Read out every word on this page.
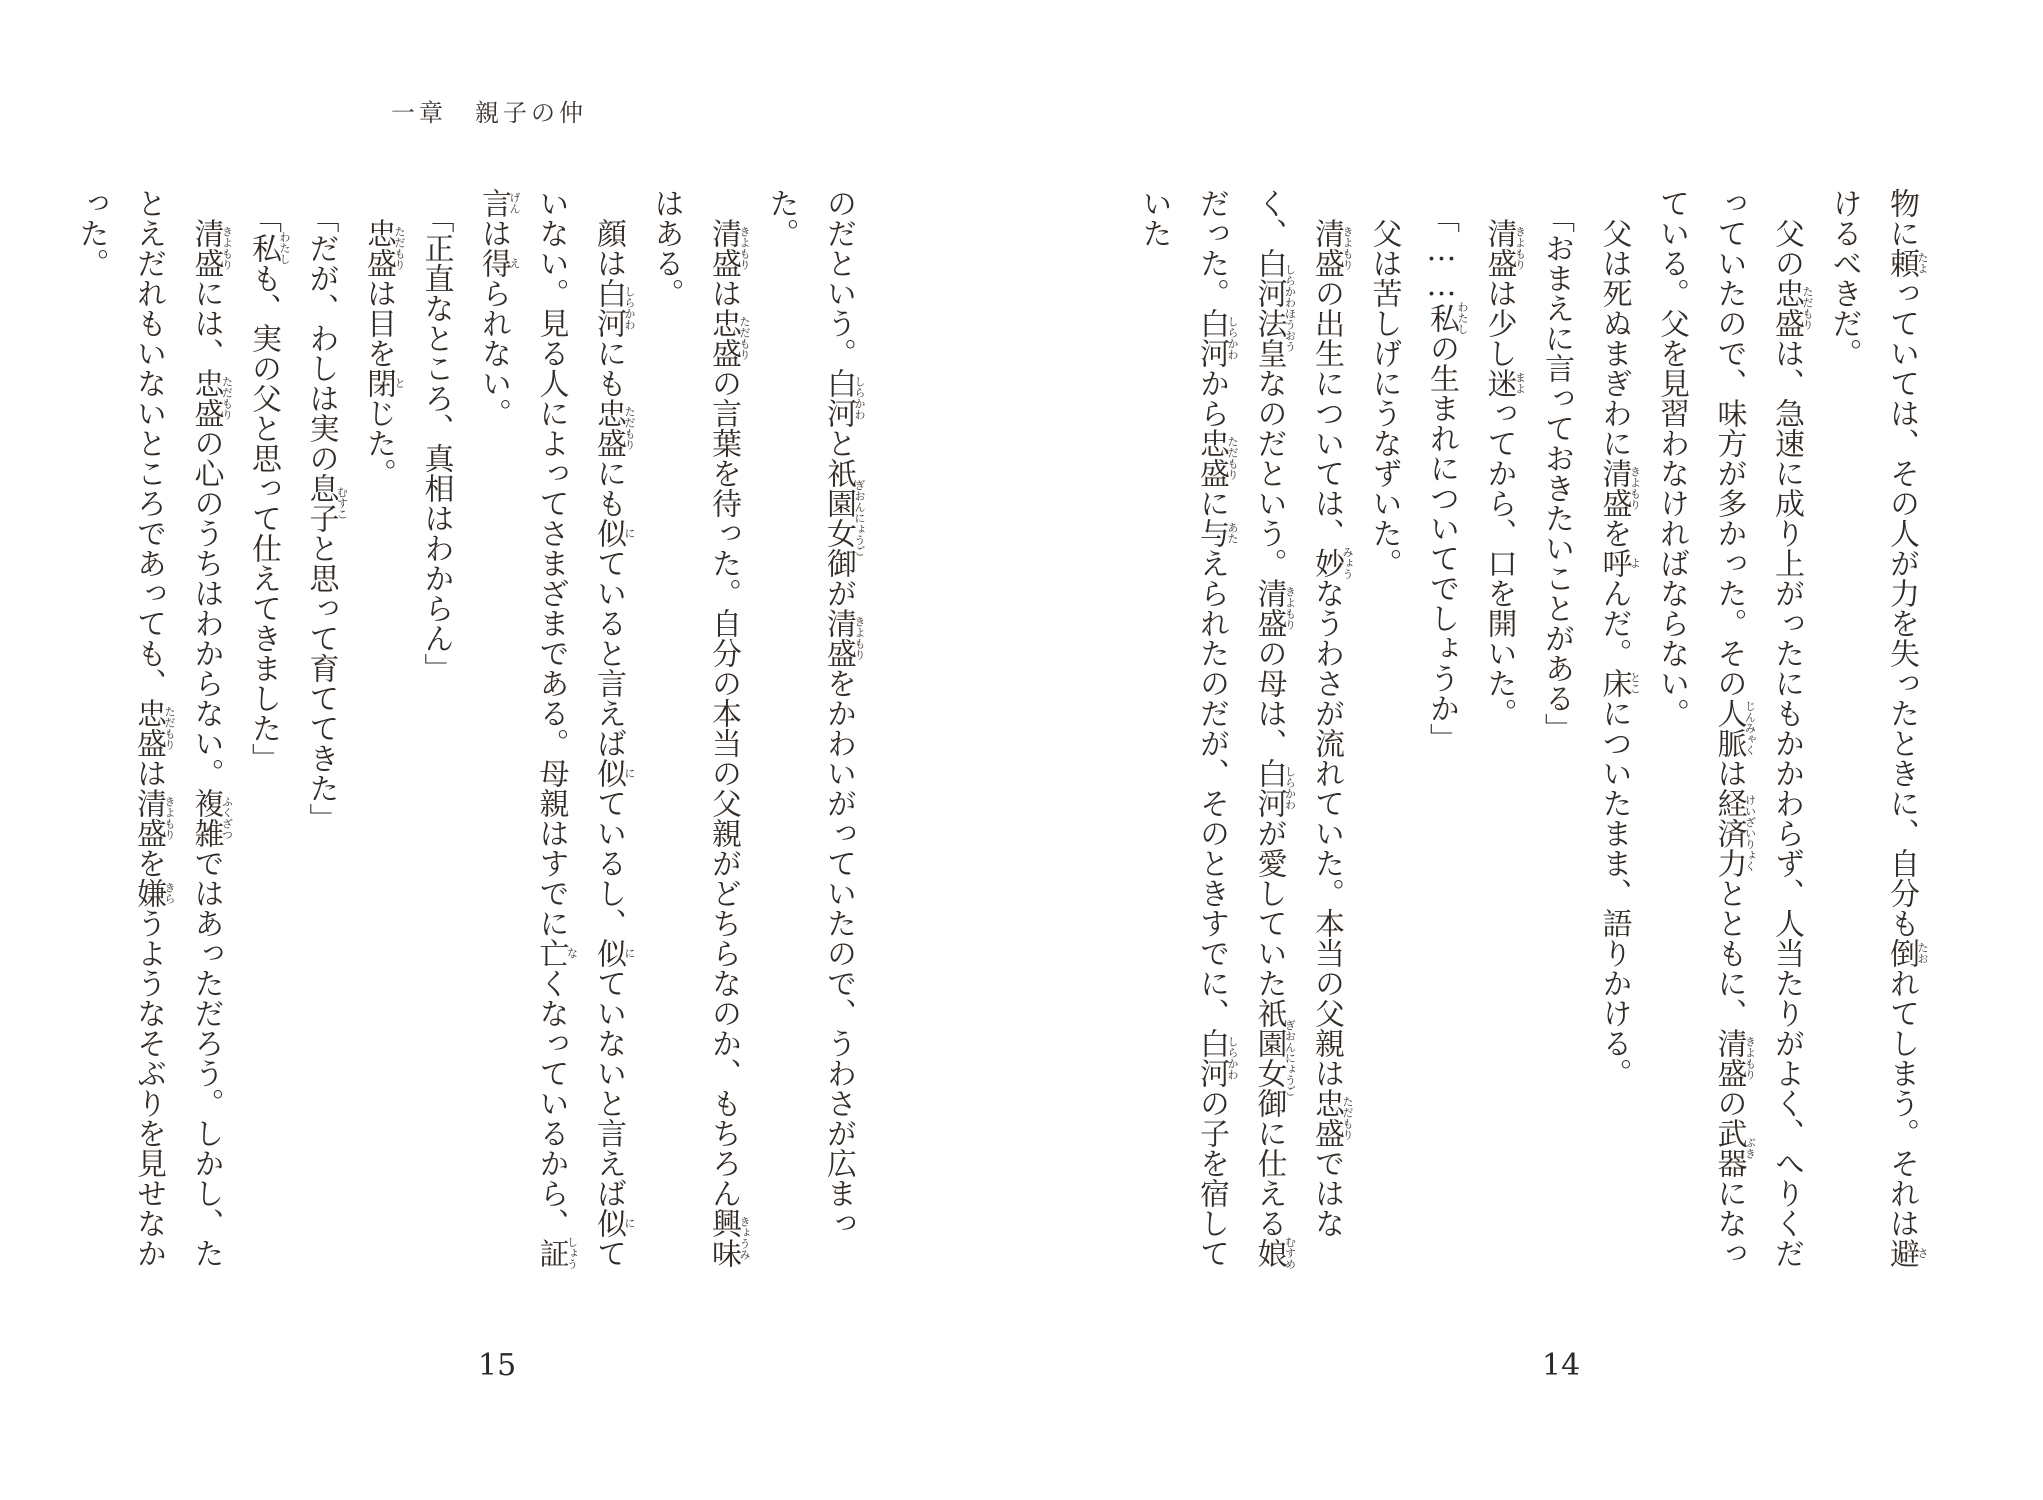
一章　親子の仲

物に頼たよっていては、その人が力を失ったときに、自分も倒たおれてしまう。それは避さけるべきだ。

父の忠盛ただもりは、急速に成り上がったにもかかわらず、人当たりがよく、へりくだっていたので、味方が多かった。その人脈じんみゃくは経済力けいざいりょくとともに、清盛きよもりの武器ぶきになっている。父を見習わなければならない。

父は死ぬまぎわに清盛きよもりを呼よんだ。床とこについたまま、語りかける。

「おまえに言っておきたいことがある」

清盛きよもりは少し迷まよってから、口を開いた。

「……私わたしの生まれについてでしょうか」

父は苦しげにうなずいた。

清盛きよもりの出生については、妙みょうなうわさが流れていた。本当の父親は忠盛ただもりではなく、白河法皇しらかわほうおうなのだという。清盛きよもりの母は、白河しらかわが愛していた祇園女御ぎおんにょうごに仕える娘むすめだった。白河しらかわから忠盛ただもりに与あたえられたのだが、そのときすでに、白河しらかわの子を宿していた

のだという。白河しらかわと祇園女御ぎおんにょうごが清盛きよもりをかわいがっていたので、うわさが広まった。

清盛きよもりは忠盛ただもりの言葉を待った。自分の本当の父親がどちらなのか、もちろん興味きょうみはある。

顔は白河しらかわにも忠盛ただもりにも似にていると言えば似にているし、似にていないと言えば似にていない。見る人によってさまざまである。母親はすでに亡なくなっているから、証しょう言げんは得えられない。

「正直なところ、真相はわからん」

忠盛ただもりは目を閉とじた。

「だが、わしは実の息子むすこと思って育ててきた」

「私わたしも、実の父と思って仕えてきました」

清盛きよもりには、忠盛ただもりの心のうちはわからない。複雑ふくざつではあっただろう。しかし、たとえだれもいないところであっても、忠盛ただもりは清盛きよもりを嫌きらうようなそぶりを見せなかった。

14
15
